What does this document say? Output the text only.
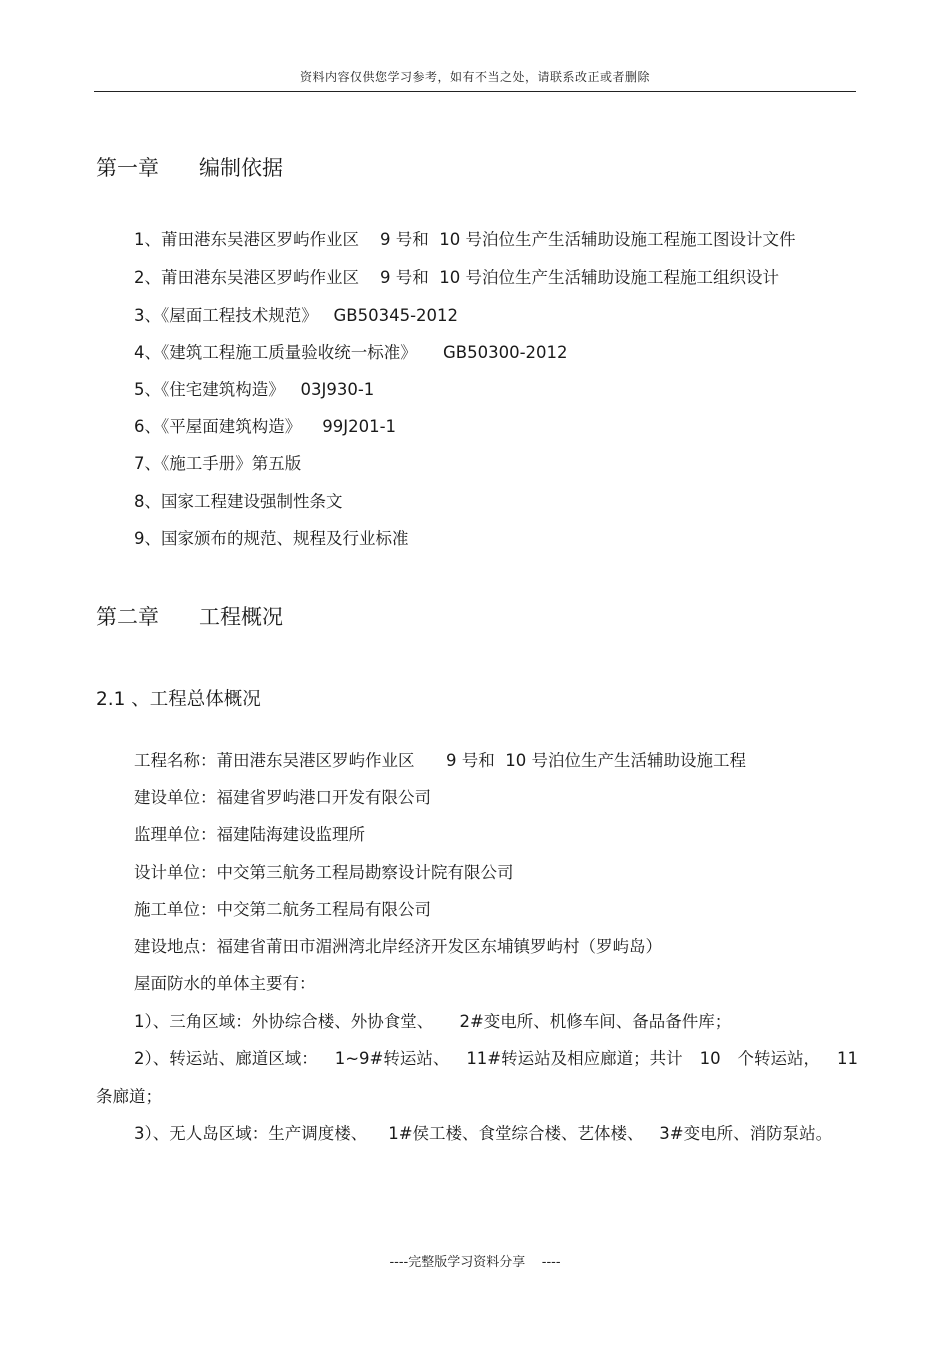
资料内容仅供您学习参考，如有不当之处，请联系改正或者删除
第一章      编制依据
1、莆田港东吴港区罗屿作业区    9 号和  10 号泊位生产生活辅助设施工程施工图设计文件
2、莆田港东吴港区罗屿作业区    9 号和  10 号泊位生产生活辅助设施工程施工组织设计
3、《屋面工程技术规范》   GB50345-2012
4、《建筑工程施工质量验收统一标准》     GB50300-2012
5、《住宅建筑构造》   03J930-1
6、《平屋面建筑构造》    99J201-1
7、《施工手册》第五版
8、国家工程建设强制性条文
9、国家颁布的规范、规程及行业标准
第二章      工程概况
2.1 、工程总体概况
工程名称：莆田港东吴港区罗屿作业区      9 号和  10 号泊位生产生活辅助设施工程
建设单位：福建省罗屿港口开发有限公司
监理单位：福建陆海建设监理所
设计单位：中交第三航务工程局勘察设计院有限公司
施工单位：中交第二航务工程局有限公司
建设地点：福建省莆田市湄洲湾北岸经济开发区东埔镇罗屿村（罗屿岛）
屋面防水的单体主要有：
1）、三角区域：外协综合楼、外协食堂、     2#变电所、机修车间、备品备件库；
2）、转运站、廊道区域： 1~9#转运站、 11#转运站及相应廊道；共计 10 个转运站， 11
条廊道；
3）、无人岛区域：生产调度楼、    1#侯工楼、食堂综合楼、艺体楼、   3#变电所、消防泵站。
----完整版学习资料分享    ----
